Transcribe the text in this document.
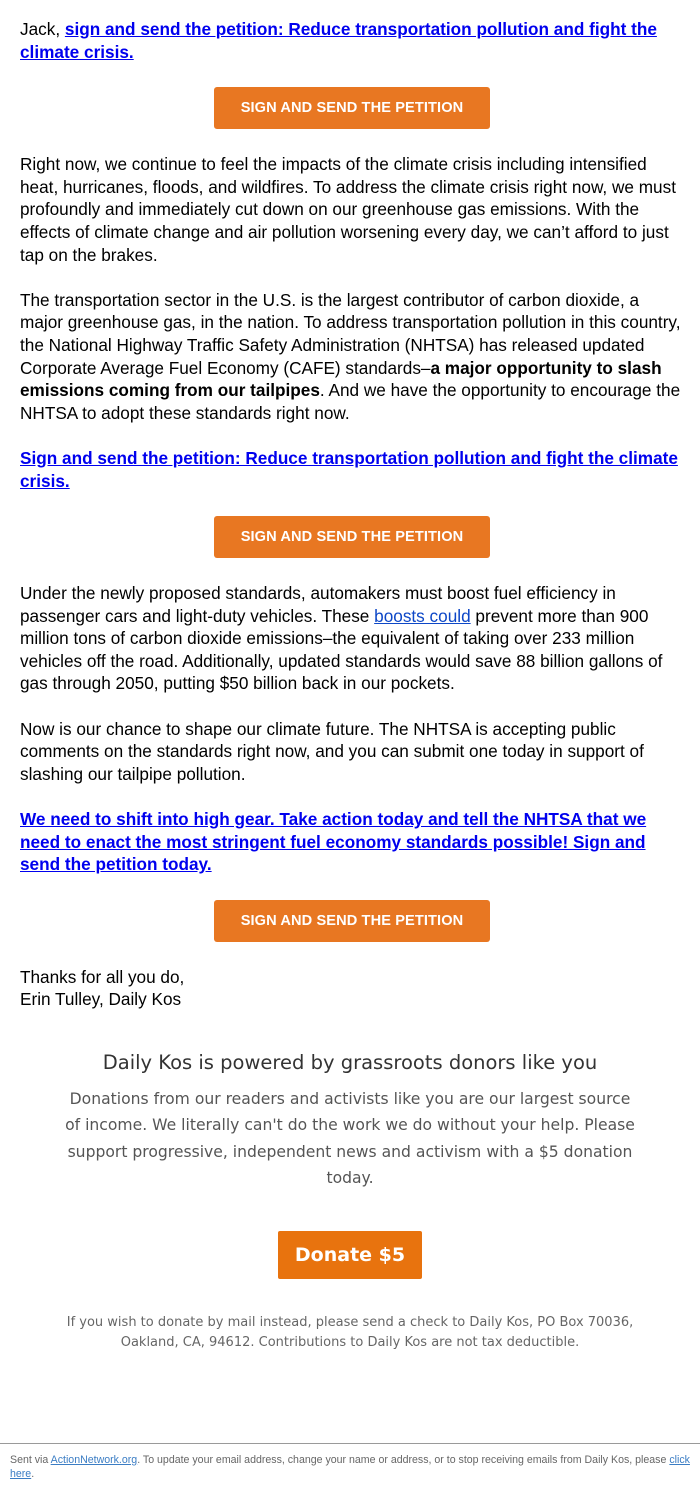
Jack, sign and send the petition: Reduce transportation pollution and fight the climate crisis.

SIGN AND SEND THE PETITION

Right now, we continue to feel the impacts of the climate crisis including intensified heat, hurricanes, floods, and wildfires. To address the climate crisis right now, we must profoundly and immediately cut down on our greenhouse gas emissions. With the effects of climate change and air pollution worsening every day, we can’t afford to just tap on the brakes.

The transportation sector in the U.S. is the largest contributor of carbon dioxide, a major greenhouse gas, in the nation. To address transportation pollution in this country, the National Highway Traffic Safety Administration (NHTSA) has released updated Corporate Average Fuel Economy (CAFE) standards–a major opportunity to slash emissions coming from our tailpipes. And we have the opportunity to encourage the NHTSA to adopt these standards right now.

Sign and send the petition: Reduce transportation pollution and fight the climate crisis.

SIGN AND SEND THE PETITION

Under the newly proposed standards, automakers must boost fuel efficiency in passenger cars and light-duty vehicles. These boosts could prevent more than 900 million tons of carbon dioxide emissions–the equivalent of taking over 233 million vehicles off the road. Additionally, updated standards would save 88 billion gallons of gas through 2050, putting $50 billion back in our pockets.

Now is our chance to shape our climate future. The NHTSA is accepting public comments on the standards right now, and you can submit one today in support of slashing our tailpipe pollution.

We need to shift into high gear. Take action today and tell the NHTSA that we need to enact the most stringent fuel economy standards possible! Sign and send the petition today.

SIGN AND SEND THE PETITION

Thanks for all you do,
Erin Tulley, Daily Kos

Daily Kos is powered by grassroots donors like you

Donations from our readers and activists like you are our largest source of income. We literally can't do the work we do without your help. Please support progressive, independent news and activism with a $5 donation today.

Donate $5

If you wish to donate by mail instead, please send a check to Daily Kos, PO Box 70036, Oakland, CA, 94612. Contributions to Daily Kos are not tax deductible.

Sent via ActionNetwork.org. To update your email address, change your name or address, or to stop receiving emails from Daily Kos, please click here.
